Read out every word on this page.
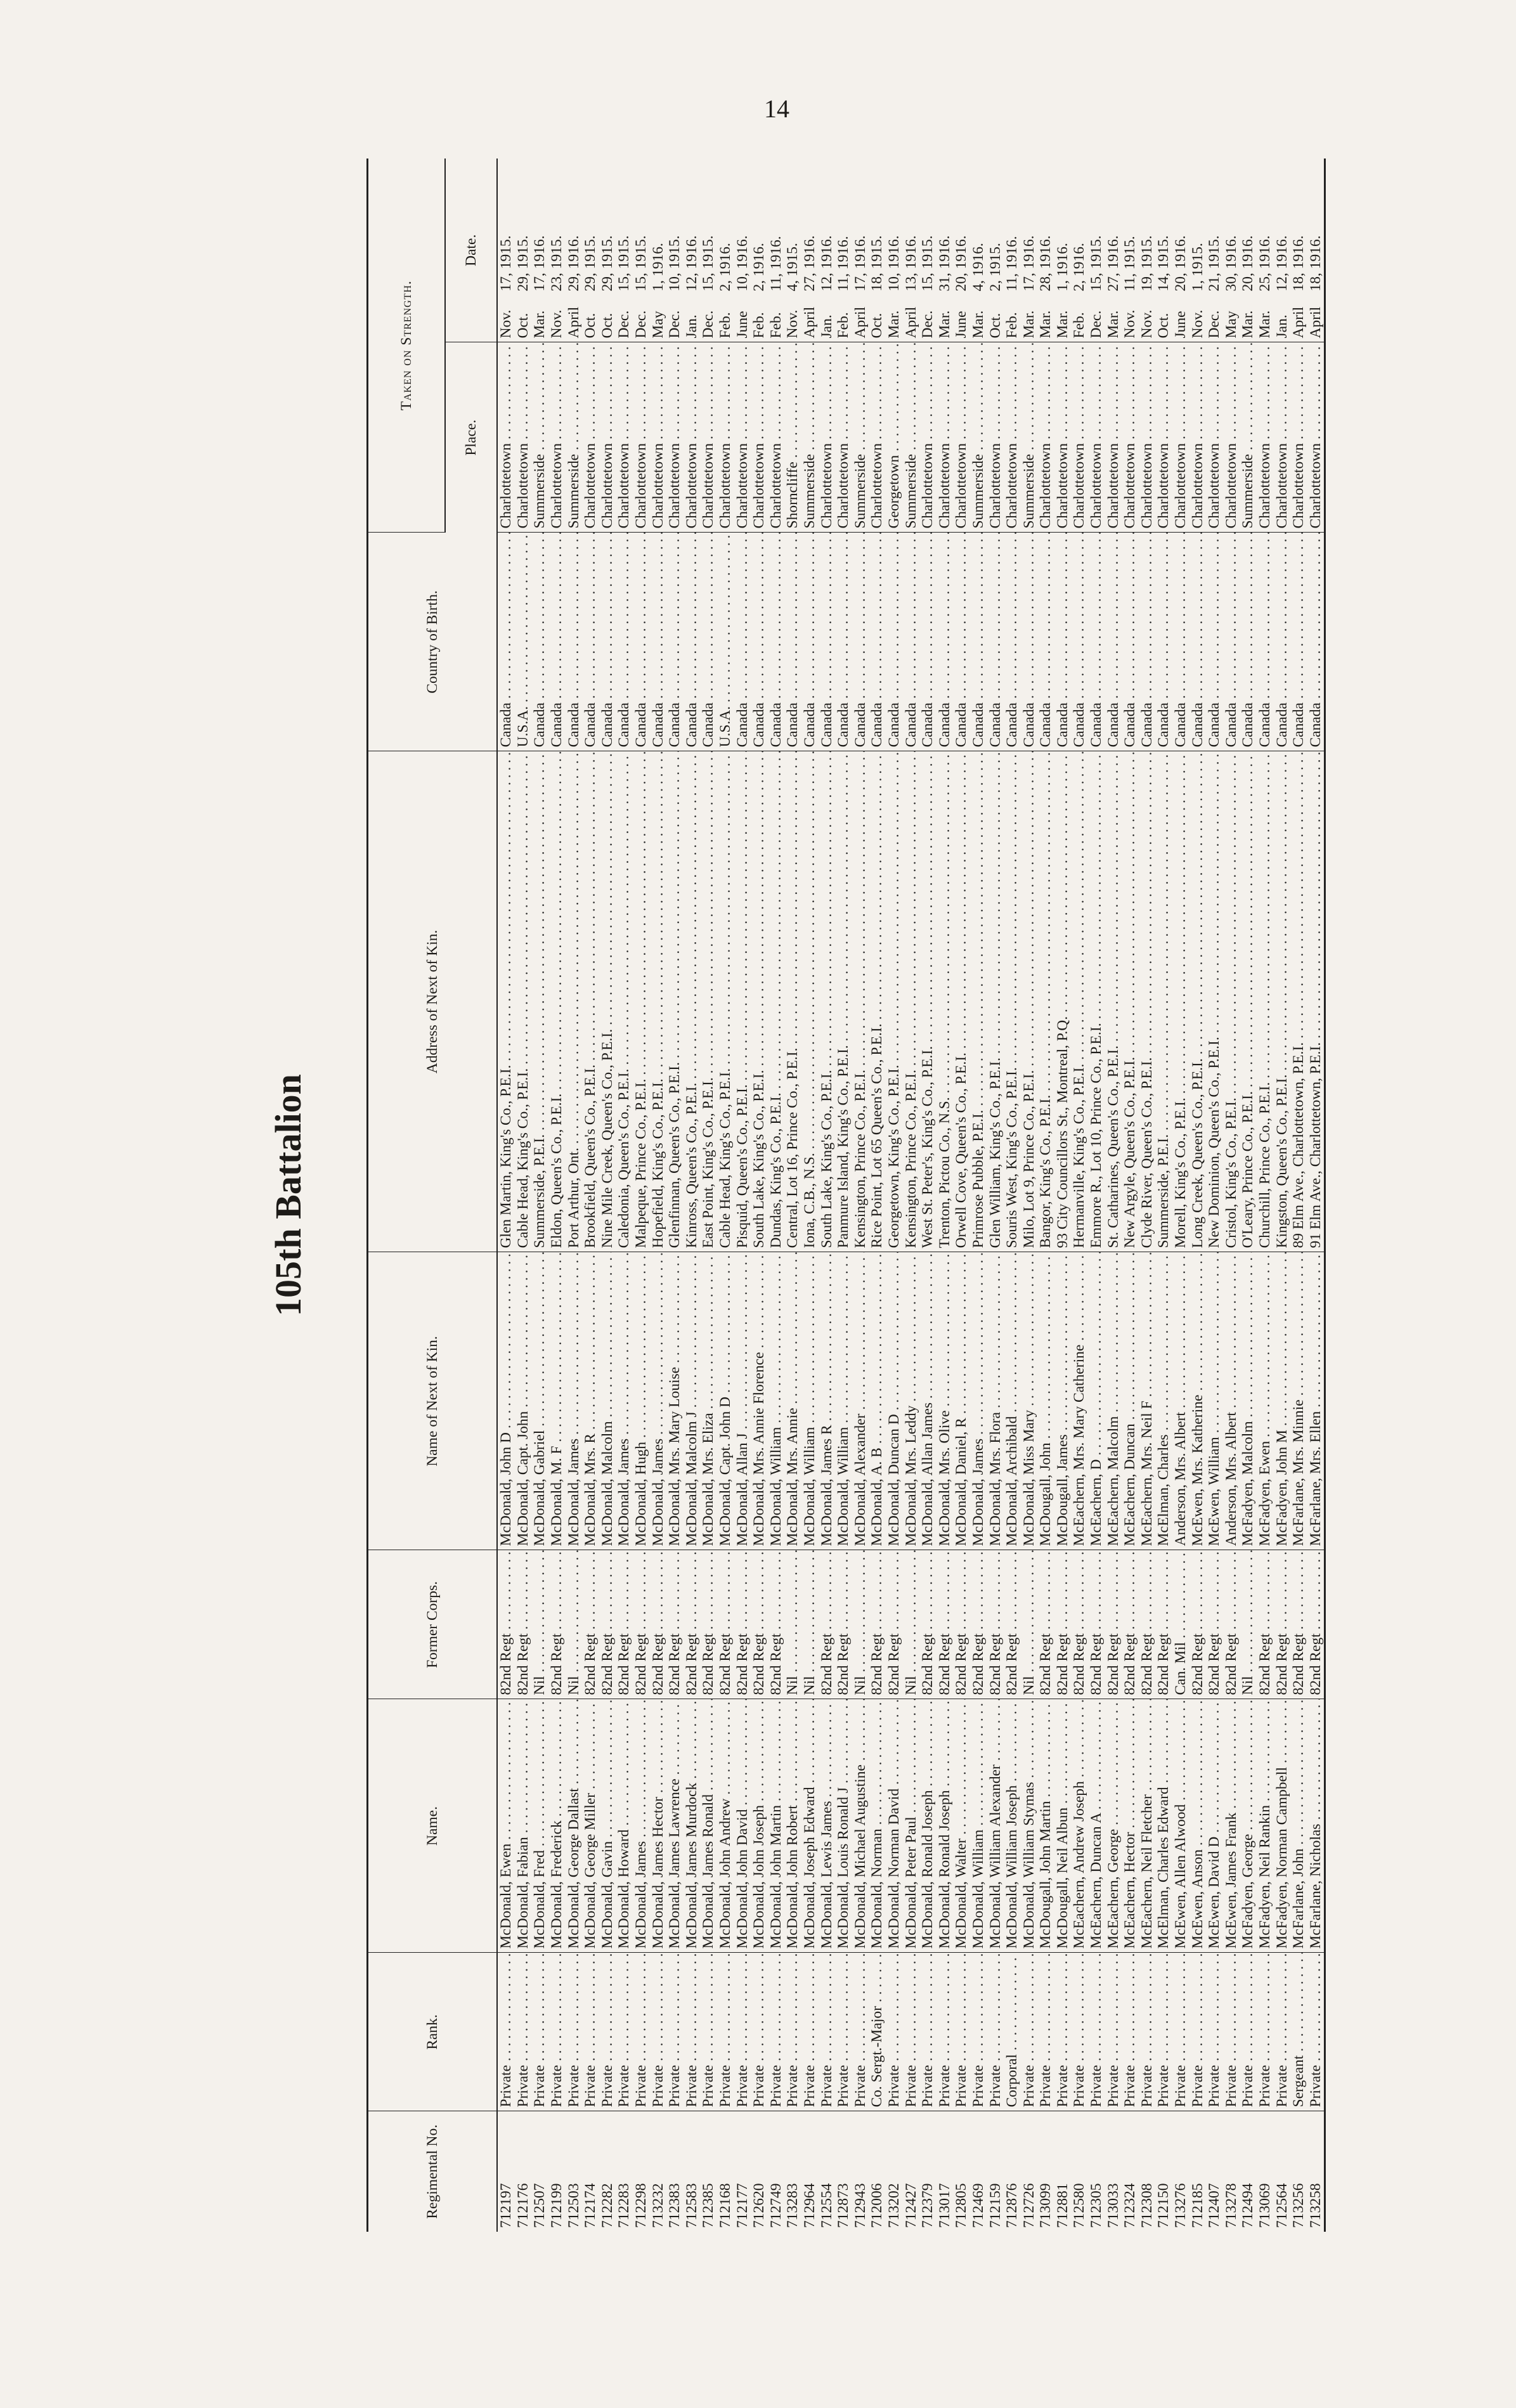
14
105th Battalion
Regimental No.	Rank.	Name.	Former Corps.	Name of Next of Kin.	Address of Next of Kin.	Country of Birth.	Taken on Strength.	
							Place.	Date.
712197	Private . . .	McDonald, Ewen . . .	82nd Regt . . .	McDonald, John D . . .	Glen Martin, King's Co., P.E.I. . . .	Canada . . .	Charlottetown . . .	Nov.17, 1915.
712176	Private . . .	McDonald, Fabian . . .	82nd Regt . . .	McDonald, Capt. John . . .	Cable Head, King's Co., P.E.I. . . .	U.S.A. . . .	Charlottetown . . .	Oct.29, 1915.
712507	Private . . .	McDonald, Fred . . .	Nil . . .	McDonald, Gabriel . . .	Summerside, P.E.I. . . .	Canada . . .	Summerside . . .	Mar.17, 1916.
712199	Private . . .	McDonald, Frederick . . .	82nd Regt . . .	McDonald, M. F . . .	Eldon, Queen's Co., P.E.I. . . .	Canada . . .	Charlottetown . . .	Nov.23, 1915.
712503	Private . . .	McDonald, George Dallast . . .	Nil . . .	McDonald, James . . .	Port Arthur, Ont. . . .	Canada . . .	Summerside . . .	April29, 1916.
712174	Private . . .	McDonald, George Miller . . .	82nd Regt . . .	McDonald, Mrs. R . . .	Brookfield, Queen's Co., P.E.I. . . .	Canada . . .	Charlottetown . . .	Oct.29, 1915.
712282	Private . . .	McDonald, Gavin . . .	82nd Regt . . .	McDonald, Malcolm . . .	Nine Mile Creek, Queen's Co., P.E.I. . . .	Canada . . .	Charlottetown . . .	Oct.29, 1915.
712283	Private . . .	McDonald, Howard . . .	82nd Regt . . .	McDonald, James . . .	Caledonia, Queen's Co., P.E.I. . . .	Canada . . .	Charlottetown . . .	Dec.15, 1915.
712298	Private . . .	McDonald, James . . .	82nd Regt . . .	McDonald, Hugh . . .	Malpeque, Prince Co., P.E.I. . . .	Canada . . .	Charlottetown . . .	Dec.15, 1915.
713232	Private . . .	McDonald, James Hector . . .	82nd Regt . . .	McDonald, James . . .	Hopefield, King's Co., P.E.I. . . .	Canada . . .	Charlottetown . . .	May1, 1916.
712383	Private . . .	McDonald, James Lawrence . . .	82nd Regt . . .	McDonald, Mrs. Mary Louise . . .	Glenfinnan, Queen's Co., P.E.I. . . .	Canada . . .	Charlottetown . . .	Dec.10, 1915.
712583	Private . . .	McDonald, James Murdock . . .	82nd Regt . . .	McDonald, Malcolm J . . .	Kinross, Queen's Co., P.E.I. . . .	Canada . . .	Charlottetown . . .	Jan.12, 1916.
712385	Private . . .	McDonald, James Ronald . . .	82nd Regt . . .	McDonald, Mrs. Eliza . . .	East Point, King's Co., P.E.I. . . .	Canada . . .	Charlottetown . . .	Dec.15, 1915.
712168	Private . . .	McDonald, John Andrew . . .	82nd Regt . . .	McDonald, Capt. John D . . .	Cable Head, King's Co., P.E.I. . . .	U.S.A. . . .	Charlottetown . . .	Feb.2, 1916.
712177	Private . . .	McDonald, John David . . .	82nd Regt . . .	McDonald, Allan J . . .	Pisquid, Queen's Co., P.E.I. . . .	Canada . . .	Charlottetown . . .	June10, 1916.
712620	Private . . .	McDonald, John Joseph . . .	82nd Regt . . .	McDonald, Mrs. Annie Florence . . .	South Lake, King's Co., P.E.I. . . .	Canada . . .	Charlottetown . . .	Feb.2, 1916.
712749	Private . . .	McDonald, John Martin . . .	82nd Regt . . .	McDonald, William . . .	Dundas, King's Co., P.E.I. . . .	Canada . . .	Charlottetown . . .	Feb.11, 1916.
713283	Private . . .	McDonald, John Robert . . .	Nil . . .	McDonald, Mrs. Annie . . .	Central, Lot 16, Prince Co., P.E.I. . . .	Canada . . .	Shorncliffe . . .	Nov.4, 1915.
712964	Private . . .	McDonald, Joseph Edward . . .	Nil . . .	McDonald, William . . .	Iona, C.B., N.S. . . .	Canada . . .	Summerside . . .	April27, 1916.
712554	Private . . .	McDonald, Lewis James . . .	82nd Regt . . .	McDonald, James R . . .	South Lake, King's Co., P.E.I. . . .	Canada . . .	Charlottetown . . .	Jan.12, 1916.
712873	Private . . .	McDonald, Louis Ronald J . . .	82nd Regt . . .	McDonald, William . . .	Panmure Island, King's Co., P.E.I. . . .	Canada . . .	Charlottetown . . .	Feb.11, 1916.
712943	Private . . .	McDonald, Michael Augustine . . .	Nil . . .	McDonald, Alexander . . .	Kensington, Prince Co., P.E.I. . . .	Canada . . .	Summerside . . .	April17, 1916.
712006	Co. Sergt.-Major . . .	McDonald, Norman . . .	82nd Regt . . .	McDonald, A. B . . .	Rice Point, Lot 65 Queen's Co., P.E.I. . . .	Canada . . .	Charlottetown . . .	Oct.18, 1915.
713202	Private . . .	McDonald, Norman David . . .	82nd Regt . . .	McDonald, Duncan D . . .	Georgetown, King's Co., P.E.I. . . .	Canada . . .	Georgetown . . .	Mar.10, 1916.
712427	Private . . .	McDonald, Peter Paul . . .	Nil . . .	McDonald, Mrs. Leddy . . .	Kensington, Prince Co., P.E.I. . . .	Canada . . .	Summerside . . .	April13, 1916.
712379	Private . . .	McDonald, Ronald Joseph . . .	82nd Regt . . .	McDonald, Allan James . . .	West St. Peter's, King's Co., P.E.I. . . .	Canada . . .	Charlottetown . . .	Dec.15, 1915.
713017	Private . . .	McDonald, Ronald Joseph . . .	82nd Regt . . .	McDonald, Mrs. Olive . . .	Trenton, Pictou Co., N.S. . . .	Canada . . .	Charlottetown . . .	Mar.31, 1916.
712805	Private . . .	McDonald, Walter . . .	82nd Regt . . .	McDonald, Daniel, R . . .	Orwell Cove, Queen's Co., P.E.I. . . .	Canada . . .	Charlottetown . . .	June20, 1916.
712469	Private . . .	McDonald, William . . .	82nd Regt . . .	McDonald, James . . .	Primrose Pubble, P.E.I. . . .	Canada . . .	Summerside . . .	Mar.4, 1916.
712159	Private . . .	McDonald, William Alexander . . .	82nd Regt . . .	McDonald, Mrs. Flora . . .	Glen William, King's Co., P.E.I. . . .	Canada . . .	Charlottetown . . .	Oct.2, 1915.
712876	Corporal . . .	McDonald, William Joseph . . .	82nd Regt . . .	McDonald, Archibald . . .	Souris West, King's Co., P.E.I. . . .	Canada . . .	Charlottetown . . .	Feb.11, 1916.
712726	Private . . .	McDonald, William Stymas . . .	Nil . . .	McDonald, Miss Mary . . .	Milo, Lot 9, Prince Co., P.E.I. . . .	Canada . . .	Summerside . . .	Mar.17, 1916.
713099	Private . . .	McDougall, John Martin . . .	82nd Regt . . .	McDougall, John . . .	Bangor, King's Co., P.E.I. . . .	Canada . . .	Charlottetown . . .	Mar.28, 1916.
712881	Private . . .	McDougall, Neil Albun . . .	82nd Regt . . .	McDougall, James . . .	93 City Councillors St., Montreal, P.Q. . . .	Canada . . .	Charlottetown . . .	Mar.1, 1916.
712580	Private . . .	McEachern, Andrew Joseph . . .	82nd Regt . . .	McEachern, Mrs. Mary Catherine . . .	Hermanville, King's Co., P.E.I. . . .	Canada . . .	Charlottetown . . .	Feb.2, 1916.
712305	Private . . .	McEachern, Duncan A . . .	82nd Regt . . .	McEachern, D . . .	Emmore R., Lot 10, Prince Co., P.E.I. . . .	Canada . . .	Charlottetown . . .	Dec.15, 1915.
713033	Private . . .	McEachern, George . . .	82nd Regt . . .	McEachern, Malcolm . . .	St. Catharines, Queen's Co., P.E.I. . . .	Canada . . .	Charlottetown . . .	Mar.27, 1916.
712324	Private . . .	McEachern, Hector . . .	82nd Regt . . .	McEachern, Duncan . . .	New Argyle, Queen's Co., P.E.I. . . .	Canada . . .	Charlottetown . . .	Nov.11, 1915.
712308	Private . . .	McEachern, Neil Fletcher . . .	82nd Regt . . .	McEachern, Mrs. Neil F . . .	Clyde River, Queen's Co., P.E.I. . . .	Canada . . .	Charlottetown . . .	Nov.19, 1915.
712150	Private . . .	McElman, Charles Edward . . .	82nd Regt . . .	McElman, Charles . . .	Summerside, P.E.I. . . .	Canada . . .	Charlottetown . . .	Oct.14, 1915.
713276	Private . . .	McEwen, Allen Alwood . . .	Can. Mil . . .	Anderson, Mrs. Albert . . .	Morell, King's Co., P.E.I. . . .	Canada . . .	Charlottetown . . .	June20, 1916.
712185	Private . . .	McEwen, Anson . . .	82nd Regt . . .	McEwen, Mrs. Katherine . . .	Long Creek, Queen's Co., P.E.I. . . .	Canada . . .	Charlottetown . . .	Nov.1, 1915.
712407	Private . . .	McEwen, David D . . .	82nd Regt . . .	McEwen, William . . .	New Dominion, Queen's Co., P.E.I. . . .	Canada . . .	Charlottetown . . .	Dec.21, 1915.
713278	Private . . .	McEwen, James Frank . . .	82nd Regt . . .	Anderson, Mrs. Albert . . .	Cristol, King's Co., P.E.I. . . .	Canada . . .	Charlottetown . . .	May30, 1916.
712494	Private . . .	McFadyen, George . . .	Nil . . .	McFadyen, Malcolm . . .	O'Leary, Prince Co., P.E.I. . . .	Canada . . .	Summerside . . .	Mar.20, 1916.
713069	Private . . .	McFadyen, Neil Rankin . . .	82nd Regt . . .	McFadyen, Ewen . . .	Churchill, Prince Co., P.E.I. . . .	Canada . . .	Charlottetown . . .	Mar.25, 1916.
712564	Private . . .	McFadyen, Norman Campbell . . .	82nd Regt . . .	McFadyen, John M . . .	Kingston, Queen's Co., P.E.I. . . .	Canada . . .	Charlottetown . . .	Jan.12, 1916.
713256	Sergeant . . .	McFarlane, John . . .	82nd Regt . . .	McFarlane, Mrs. Minnie . . .	89 Elm Ave., Charlottetown, P.E.I. . . .	Canada . . .	Charlottetown . . .	April18, 1916.
713258	Private . . .	McFarlane, Nicholas . . .	82nd Regt . . .	McFarlane, Mrs. Ellen . . .	91 Elm Ave., Charlottetown, P.E.I. . . .	Canada . . .	Charlottetown . . .	April18, 1916.
